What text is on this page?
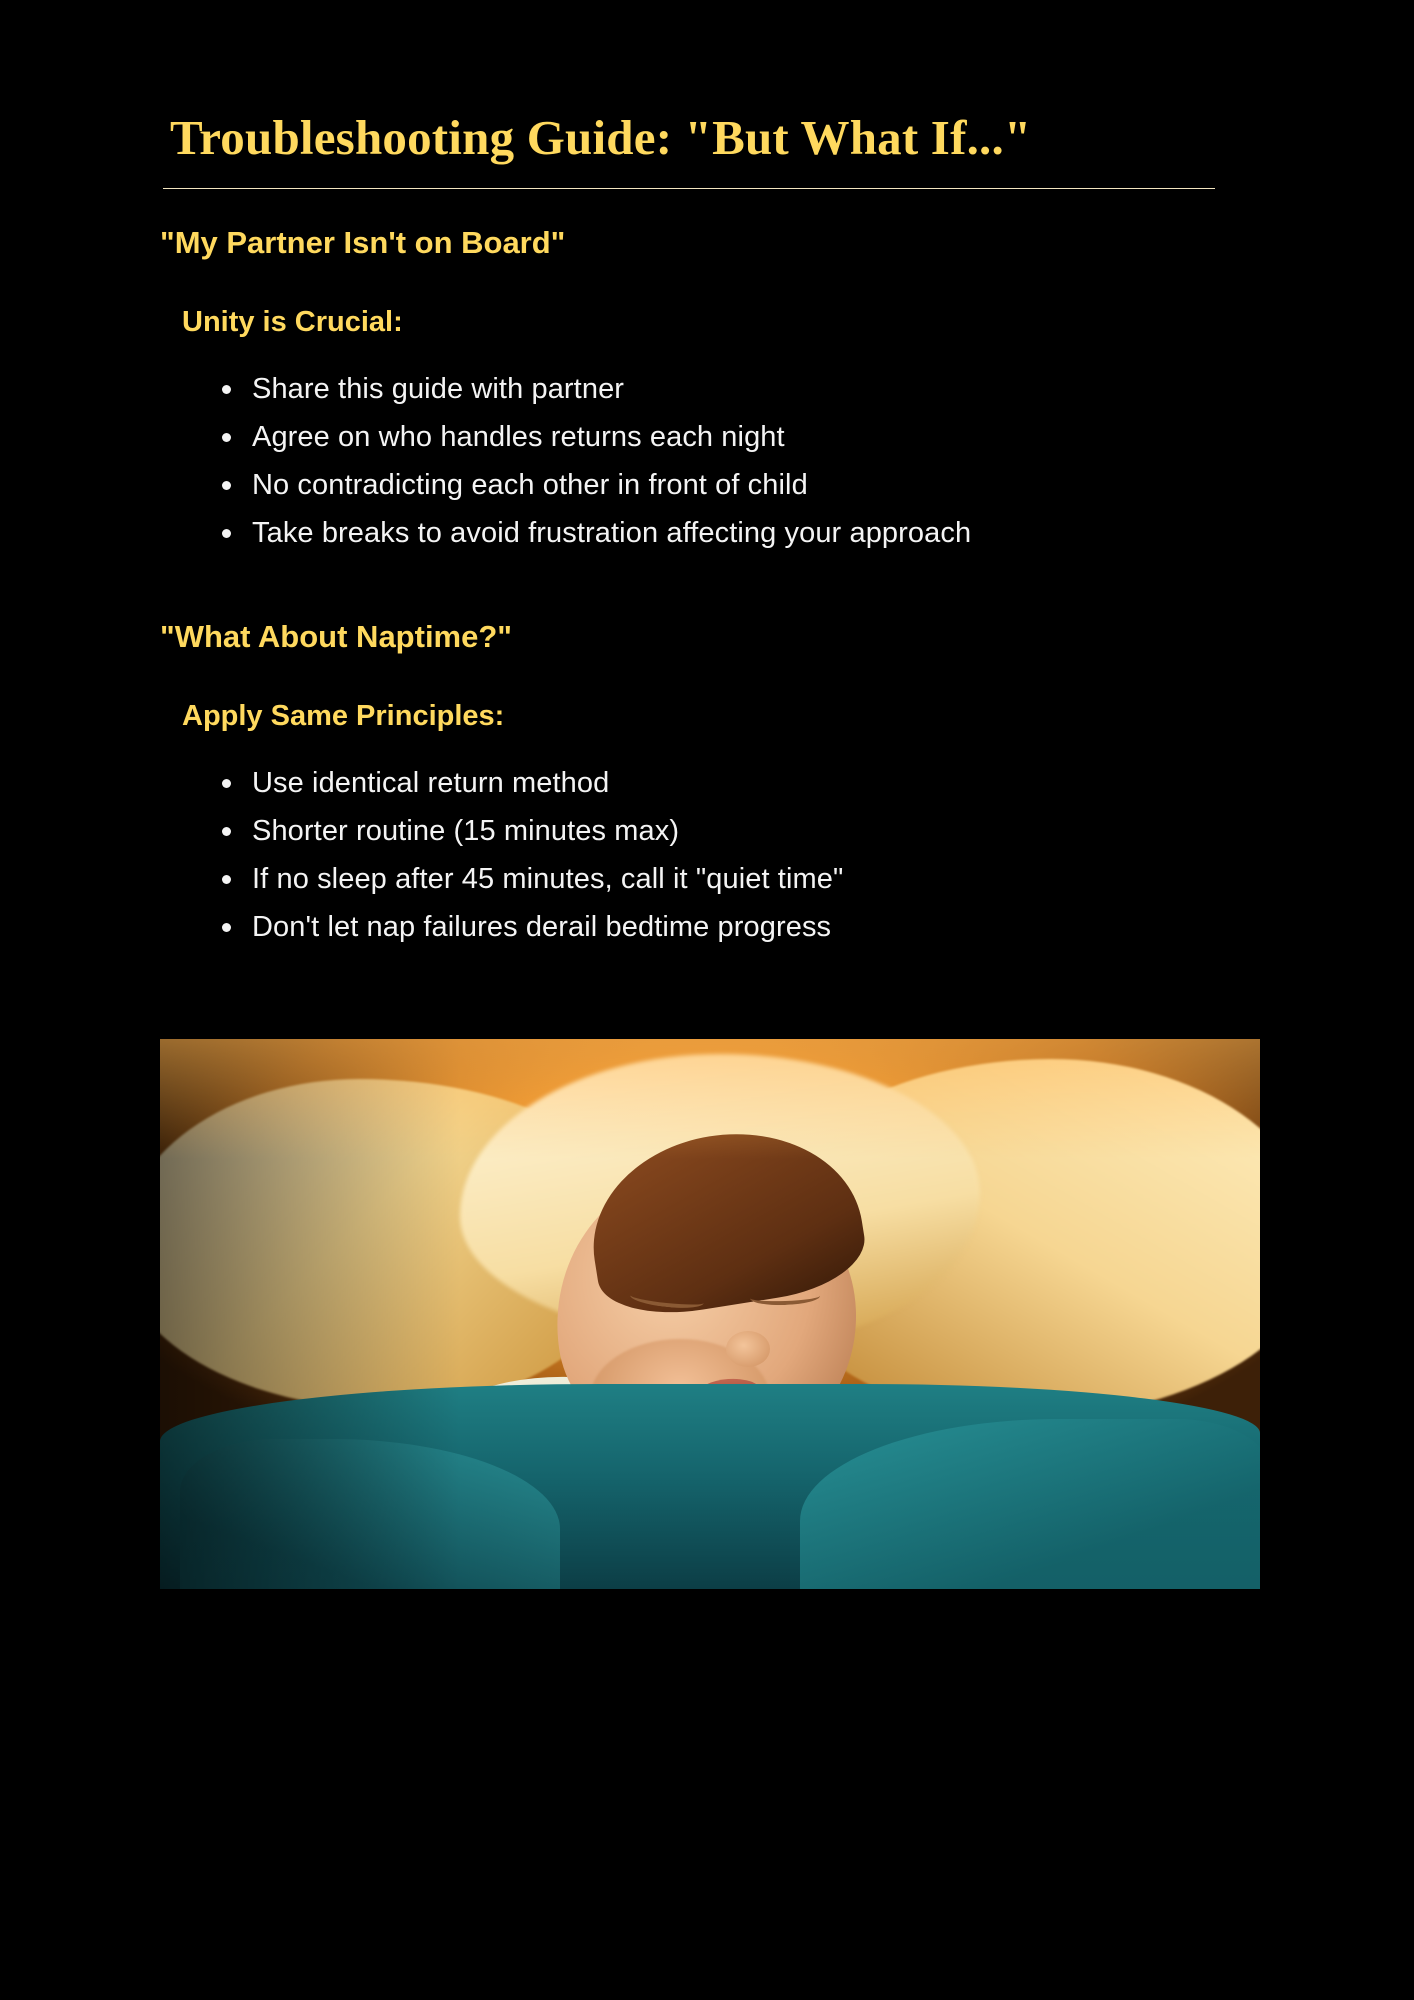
Troubleshooting Guide: "But What If..."
"My Partner Isn't on Board"
Unity is Crucial:
Share this guide with partner
Agree on who handles returns each night
No contradicting each other in front of child
Take breaks to avoid frustration affecting your approach
"What About Naptime?"
Apply Same Principles:
Use identical return method
Shorter routine (15 minutes max)
If no sleep after 45 minutes, call it "quiet time"
Don't let nap failures derail bedtime progress
